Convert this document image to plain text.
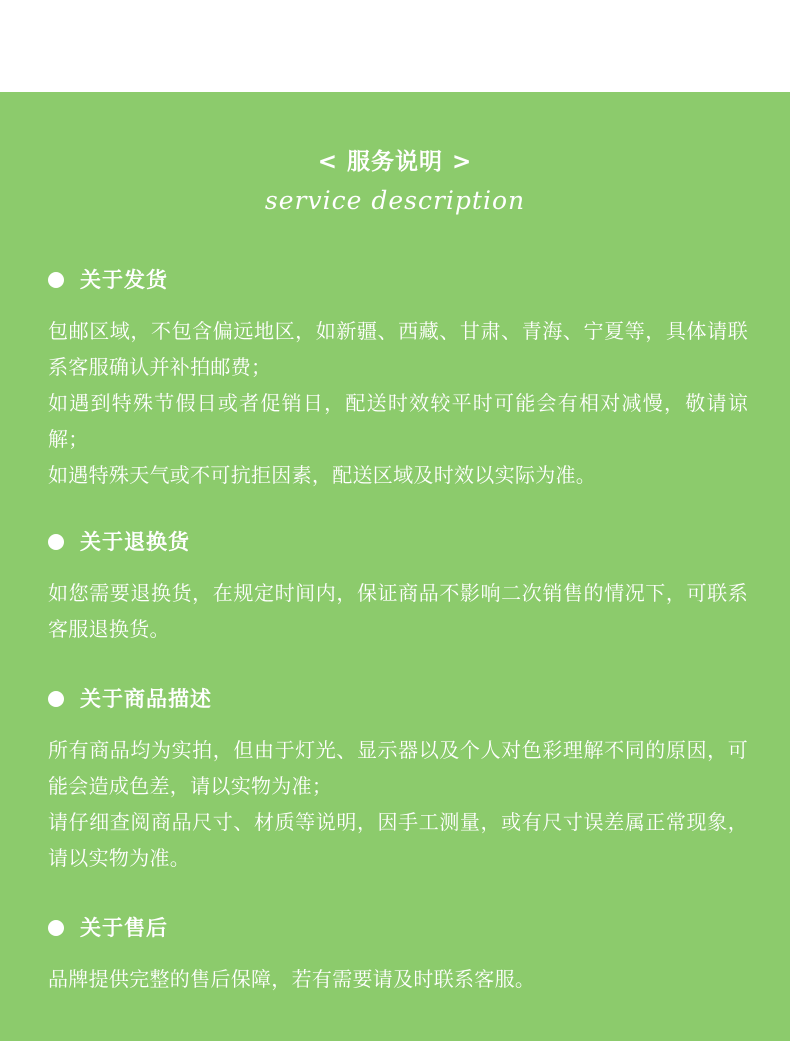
< 服务说明 >
service description
关于发货

包邮区域，不包含偏远地区，如新疆、西藏、甘肃、青海、宁夏等，具体请联系客服确认并补拍邮费；

如遇到特殊节假日或者促销日，配送时效较平时可能会有相对减慢，敬请谅解；

如遇特殊天气或不可抗拒因素，配送区域及时效以实际为准。

关于退换货

如您需要退换货，在规定时间内，保证商品不影响二次销售的情况下，可联系客服退换货。

关于商品描述

所有商品均为实拍，但由于灯光、显示器以及个人对色彩理解不同的原因，可能会造成色差，请以实物为准；

请仔细查阅商品尺寸、材质等说明，因手工测量，或有尺寸误差属正常现象，请以实物为准。

关于售后

品牌提供完整的售后保障，若有需要请及时联系客服。
